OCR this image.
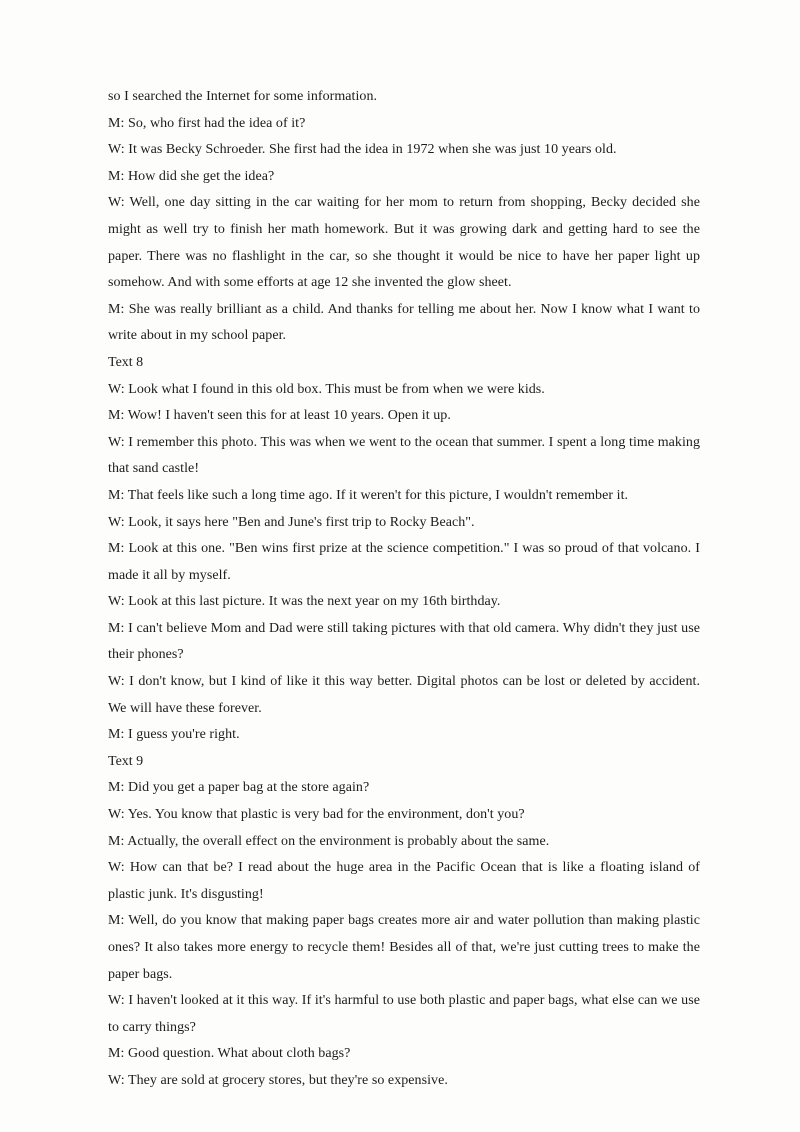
so I searched the Internet for some information.

M: So, who first had the idea of it?

W: It was Becky Schroeder. She first had the idea in 1972 when she was just 10 years old.

M: How did she get the idea?

W: Well, one day sitting in the car waiting for her mom to return from shopping, Becky decided she might as well try to finish her math homework. But it was growing dark and getting hard to see the paper. There was no flashlight in the car, so she thought it would be nice to have her paper light up somehow. And with some efforts at age 12 she invented the glow sheet.

M: She was really brilliant as a child. And thanks for telling me about her. Now I know what I want to write about in my school paper.

Text 8

W: Look what I found in this old box. This must be from when we were kids.

M: Wow! I haven't seen this for at least 10 years. Open it up.

W: I remember this photo. This was when we went to the ocean that summer. I spent a long time making that sand castle!

M: That feels like such a long time ago. If it weren't for this picture, I wouldn't remember it.

W: Look, it says here "Ben and June's first trip to Rocky Beach".

M: Look at this one. "Ben wins first prize at the science competition." I was so proud of that volcano. I made it all by myself.

W: Look at this last picture. It was the next year on my 16th birthday.

M: I can't believe Mom and Dad were still taking pictures with that old camera. Why didn't they just use their phones?

W: I don't know, but I kind of like it this way better. Digital photos can be lost or deleted by accident. We will have these forever.

M: I guess you're right.

Text 9

M: Did you get a paper bag at the store again?

W: Yes. You know that plastic is very bad for the environment, don't you?

M: Actually, the overall effect on the environment is probably about the same.

W: How can that be? I read about the huge area in the Pacific Ocean that is like a floating island of plastic junk. It's disgusting!

M: Well, do you know that making paper bags creates more air and water pollution than making plastic ones? It also takes more energy to recycle them! Besides all of that, we're just cutting trees to make the paper bags.

W: I haven't looked at it this way. If it's harmful to use both plastic and paper bags, what else can we use to carry things?

M: Good question. What about cloth bags?

W: They are sold at grocery stores, but they're so expensive.
